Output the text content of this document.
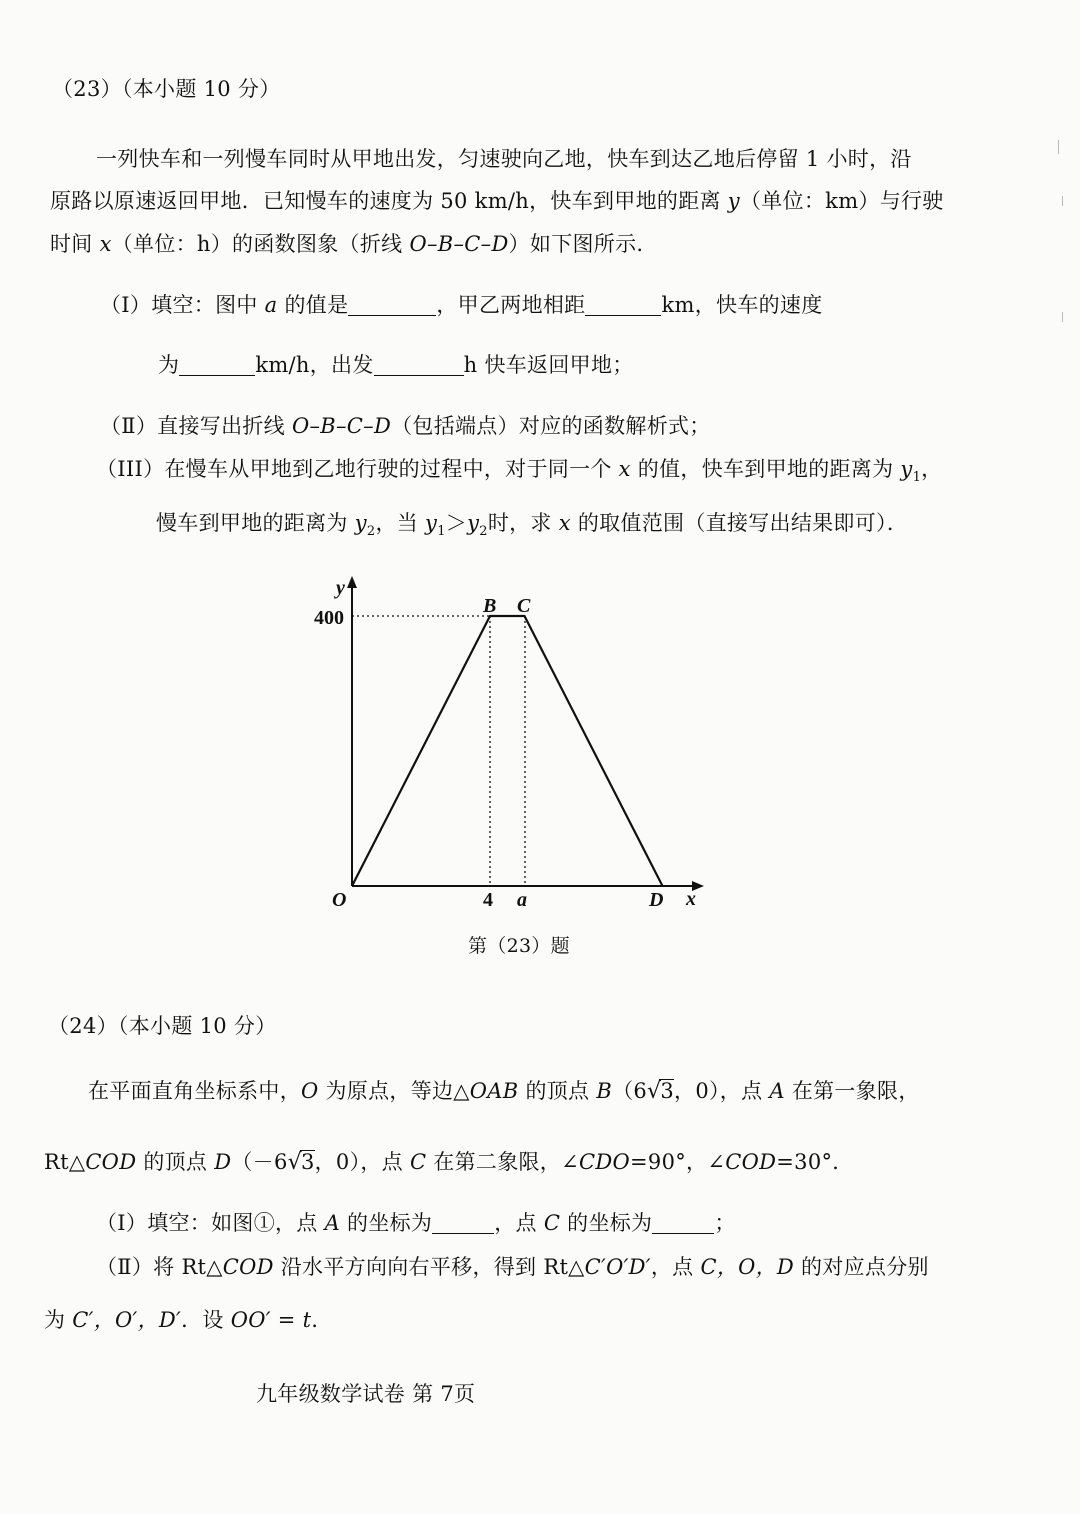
（23）（本小题 10 分）
一列快车和一列慢车同时从甲地出发，匀速驶向乙地，快车到达乙地后停留 1 小时，沿
原路以原速返回甲地．已知慢车的速度为 50 km/h，快车到甲地的距离 y（单位：km）与行驶
时间 x（单位：h）的函数图象（折线 O–B–C–D）如下图所示.
（Ⅰ）填空：图中 a 的值是	，甲乙两地相距	km，快车的速度
为	km/h，出发	h 快车返回甲地；
（Ⅱ）直接写出折线 O–B–C–D（包括端点）对应的函数解析式；
（III）在慢车从甲地到乙地行驶的过程中，对于同一个 x 的值，快车到甲地的距离为 $y_1$，
慢车到甲地的距离为 $y_2$，当 $y_1>y_2$时，求 x 的取值范围（直接写出结果即可）．
y
x
O
B C
D
a
400
4
第（23）题
（24）（本小题 10 分）
在平面直角坐标系中，O 为原点，等边△OAB 的顶点 B（6√3，0），点 A 在第一象限，
Rt△COD 的顶点 D（－6√3，0），点 C 在第二象限，∠CDO=90°，∠COD=30°．
（Ⅰ）填空：如图①，点 A 的坐标为	，点 C 的坐标为	；
（Ⅱ）将 Rt△COD 沿水平方向向右平移，得到 Rt△C′O′D′，点 C，O，D 的对应点分别
为 C′，O′，D′．设 OO′ = t．
九年级数学试卷 第 7页
